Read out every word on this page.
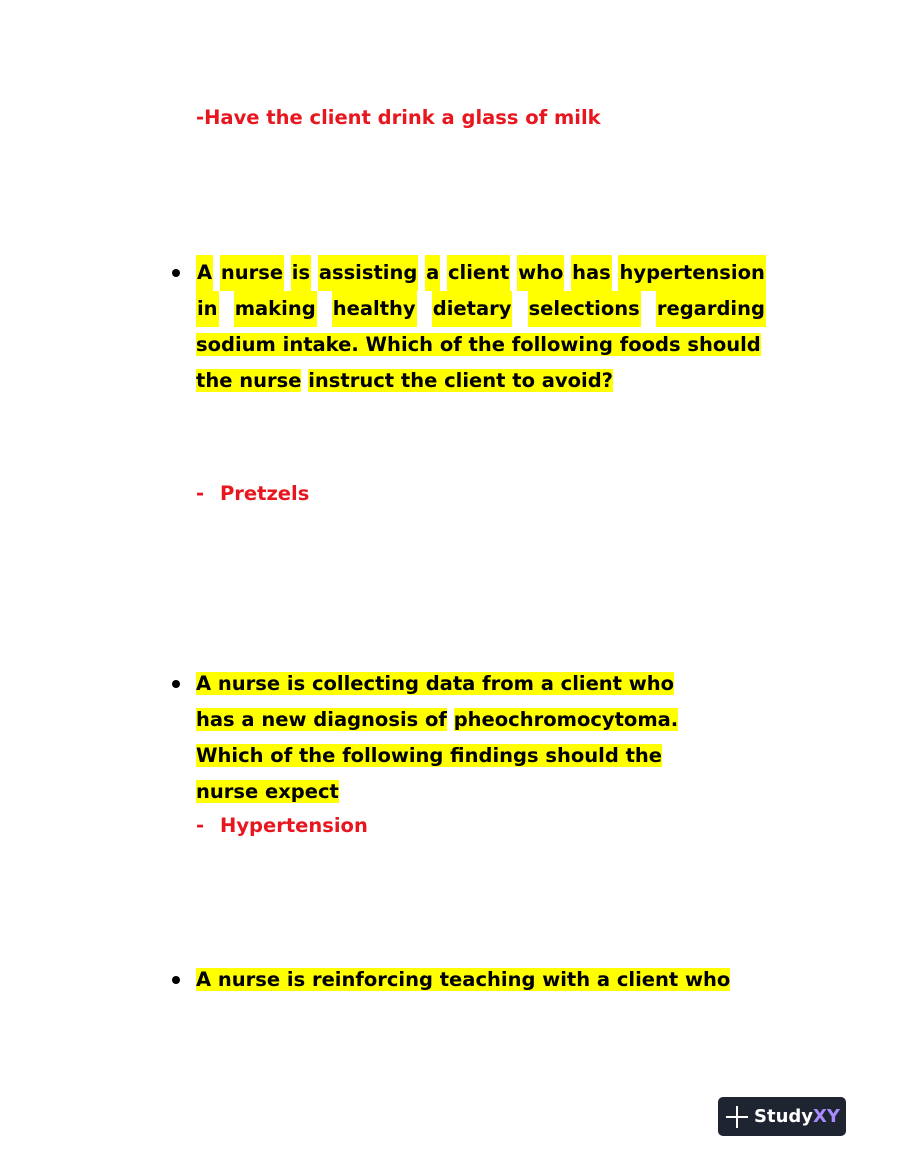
-Have the client drink a glass of milk
A nurse is assisting a client who has hypertension
in making healthy dietary selections regarding
sodium intake. Which of the following foods should
the nurse instruct the client to avoid?
- Pretzels
A nurse is collecting data from a client who
has a new diagnosis of pheochromocytoma.
Which of the following findings should the
nurse expect
- Hypertension
A nurse is reinforcing teaching with a client who
StudyXY
